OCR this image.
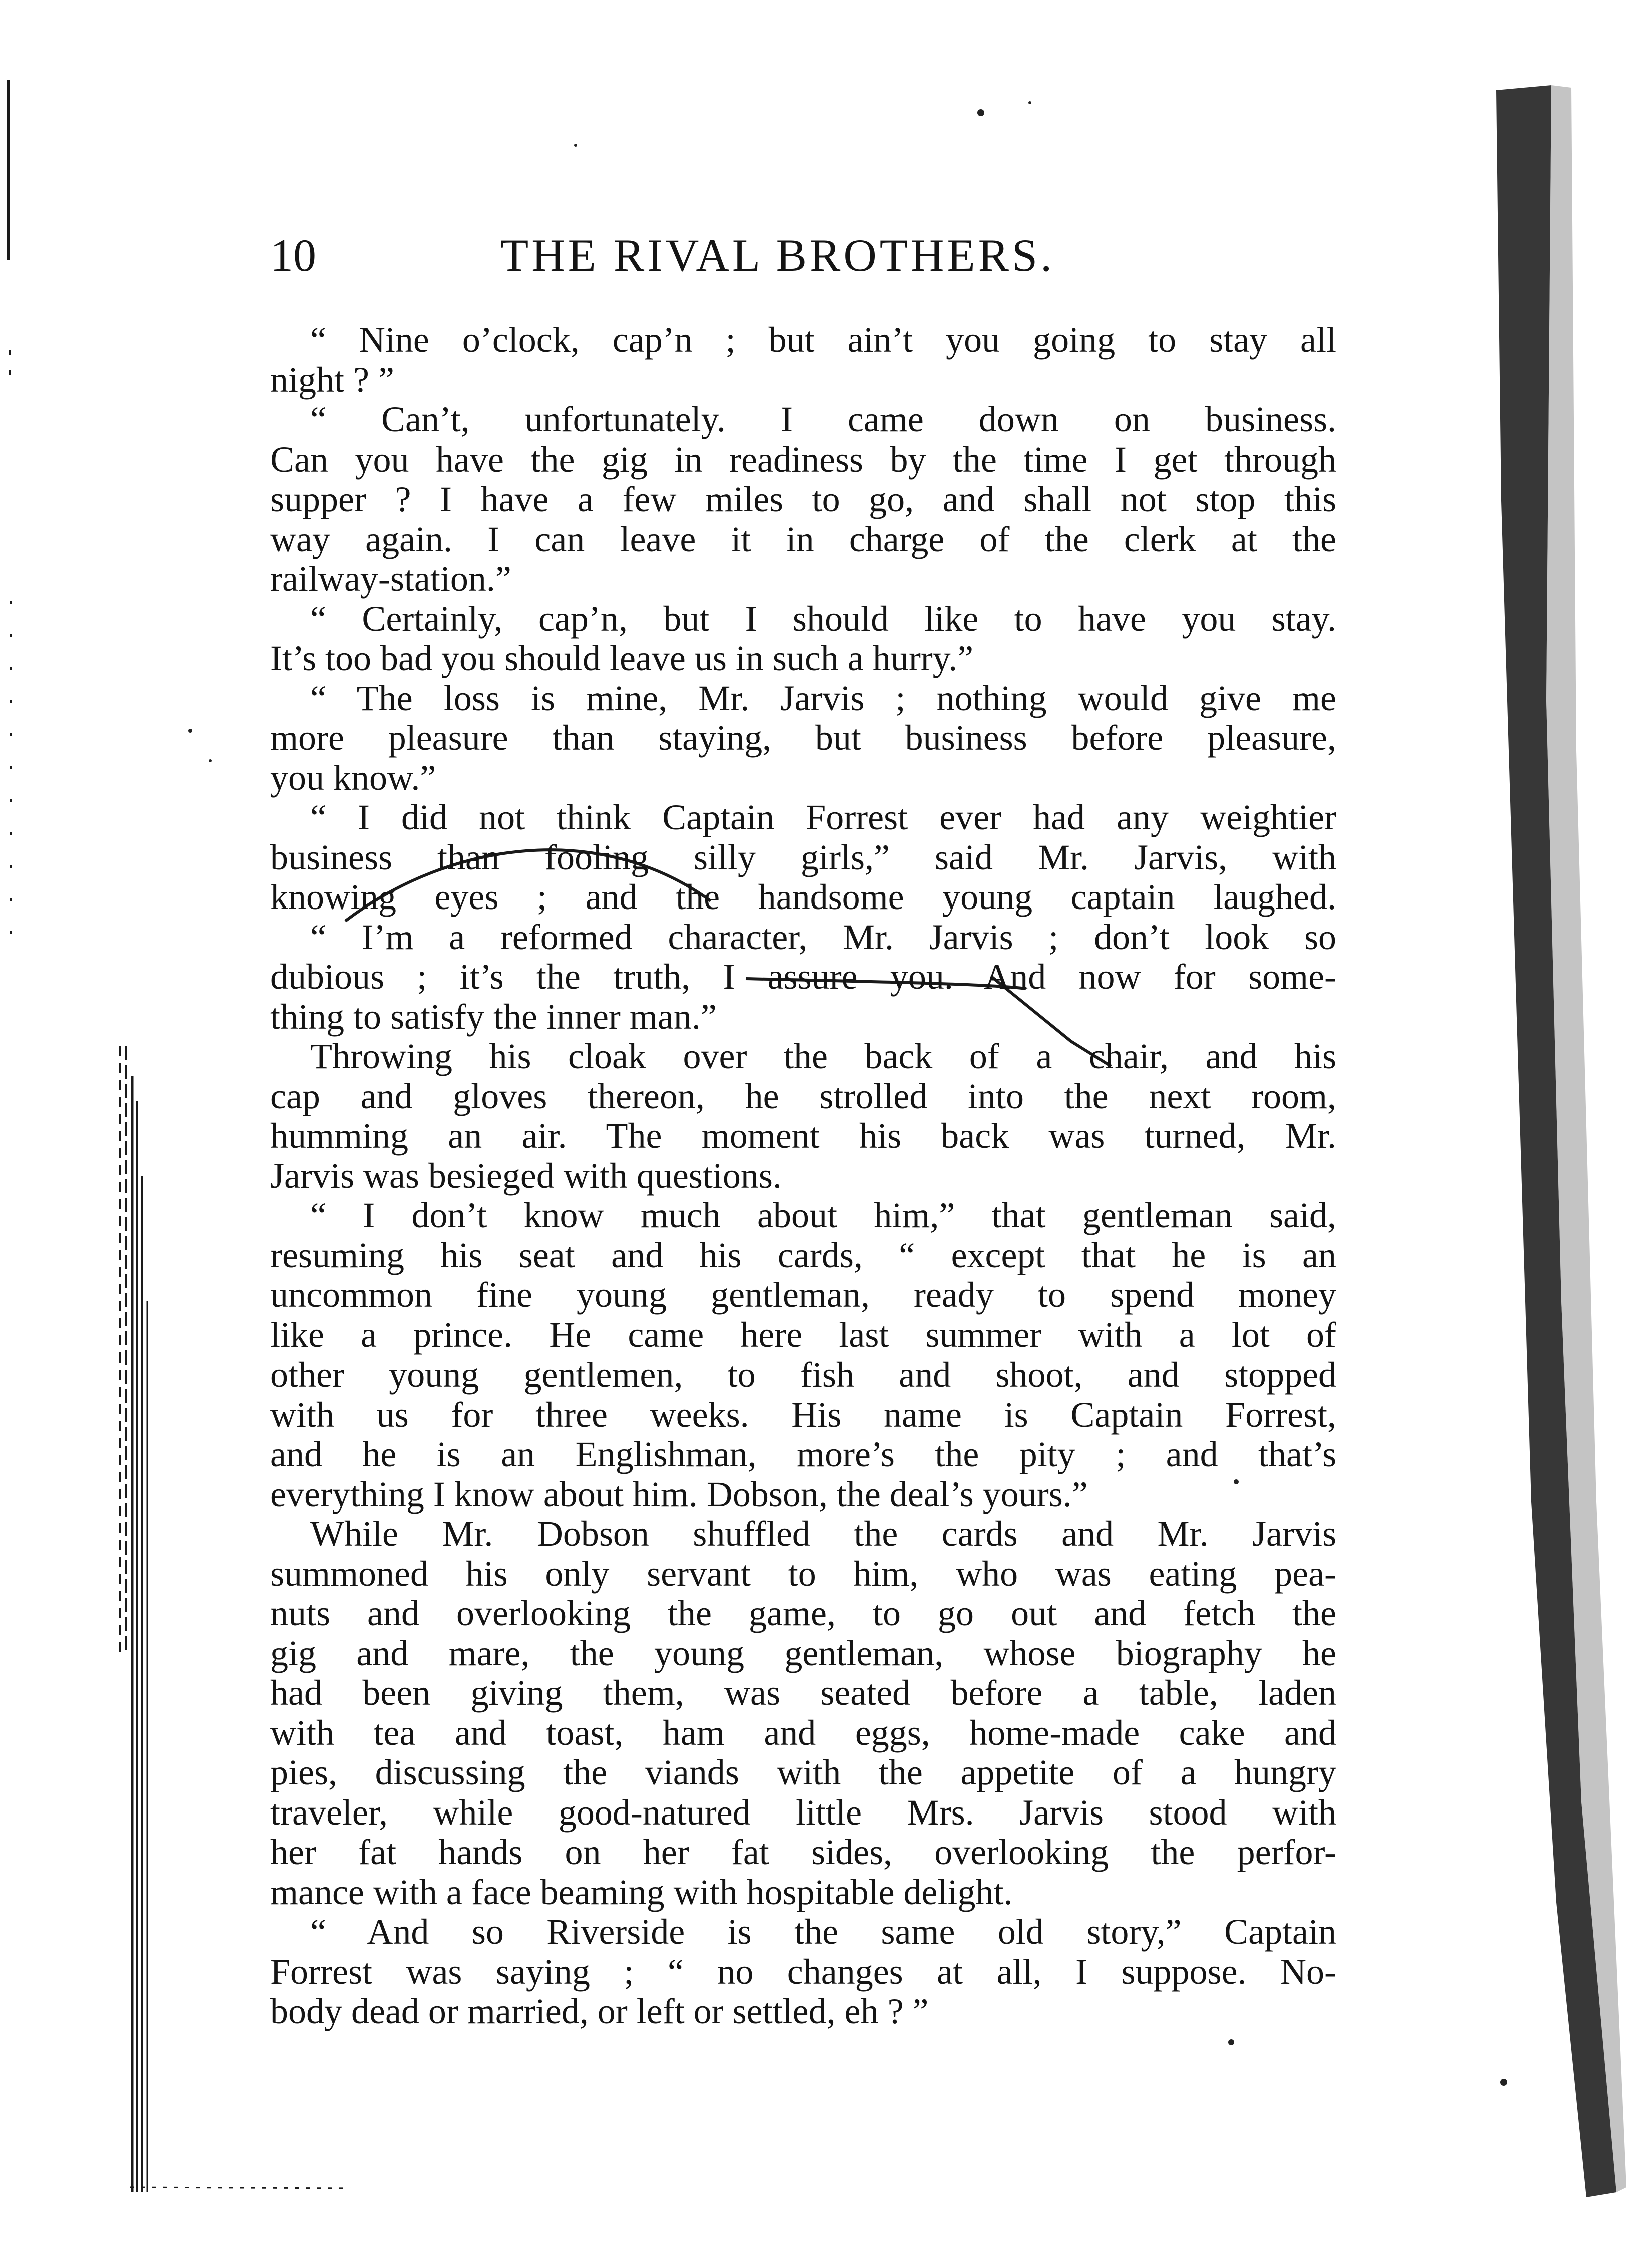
10	THE RIVAL BROTHERS.
“ Nine o’clock, cap’n ; but ain’t you going to stay all
night ? ”
“ Can’t, unfortunately. I came down on business.
Can you have the gig in readiness by the time I get through
supper ? I have a few miles to go, and shall not stop this
way again. I can leave it in charge of the clerk at the
railway-station.”
“ Certainly, cap’n, but I should like to have you stay.
It’s too bad you should leave us in such a hurry.”
“ The loss is mine, Mr. Jarvis ; nothing would give me
more pleasure than staying, but business before pleasure,
you know.”
“ I did not think Captain Forrest ever had any weightier
business than fooling silly girls,” said Mr. Jarvis, with
knowing eyes ; and the handsome young captain laughed.
“ I’m a reformed character, Mr. Jarvis ; don’t look so
dubious ; it’s the truth, I assure you. And now for some-
thing to satisfy the inner man.”
Throwing his cloak over the back of a chair, and his
cap and gloves thereon, he strolled into the next room,
humming an air. The moment his back was turned, Mr.
Jarvis was besieged with questions.
“ I don’t know much about him,” that gentleman said,
resuming his seat and his cards, “ except that he is an
uncommon fine young gentleman, ready to spend money
like a prince. He came here last summer with a lot of
other young gentlemen, to fish and shoot, and stopped
with us for three weeks. His name is Captain Forrest,
and he is an Englishman, more’s the pity ; and that’s
everything I know about him. Dobson, the deal’s yours.”
While Mr. Dobson shuffled the cards and Mr. Jarvis
summoned his only servant to him, who was eating pea-
nuts and overlooking the game, to go out and fetch the
gig and mare, the young gentleman, whose biography he
had been giving them, was seated before a table, laden
with tea and toast, ham and eggs, home-made cake and
pies, discussing the viands with the appetite of a hungry
traveler, while good-natured little Mrs. Jarvis stood with
her fat hands on her fat sides, overlooking the perfor-
mance with a face beaming with hospitable delight.
“ And so Riverside is the same old story,” Captain
Forrest was saying ; “ no changes at all, I suppose. No-
body dead or married, or left or settled, eh ? ”
